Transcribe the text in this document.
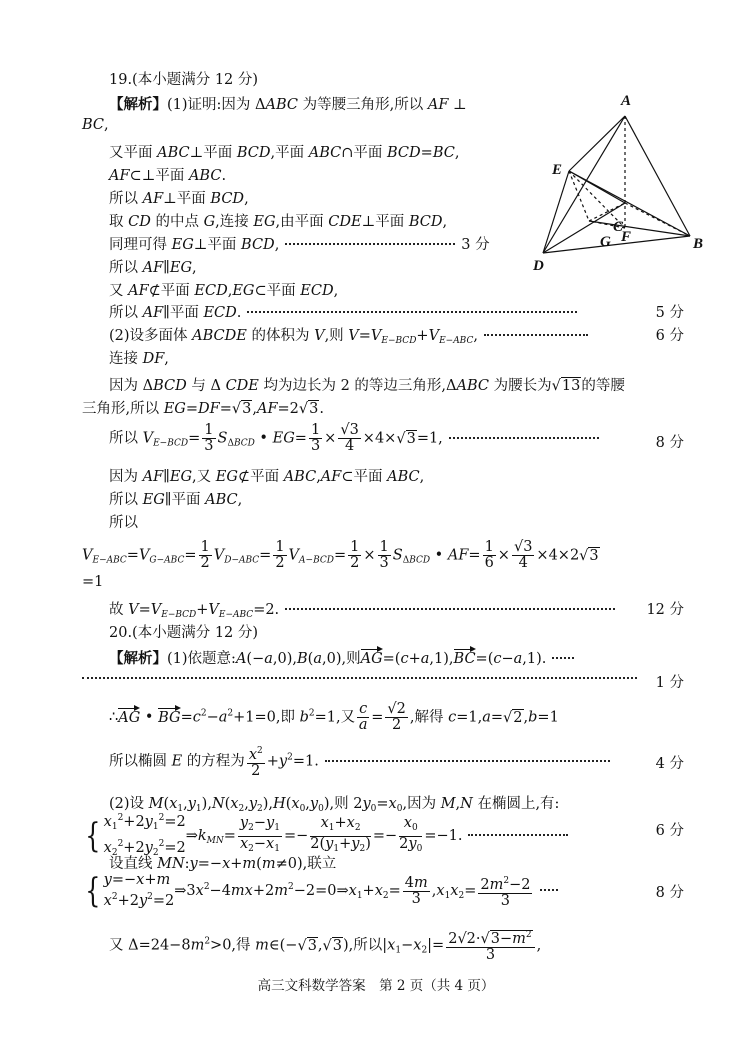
19.(本小题满分 12 分)
【解析】(1)证明:因为 ΔABC 为等腰三角形,所以 AF ⊥
BC,
又平面 ABC⊥平面 BCD,平面 ABC∩平面 BCD=BC,
AF⊂⊥平面 ABC.
所以 AF⊥平面 BCD,
取 CD 的中点 G,连接 EG,由平面 CDE⊥平面 BCD,
同理可得 EG⊥平面 BCD,	3 分
所以 AF∥EG,
又 AF⊄平面 ECD,EG⊂平面 ECD,
所以 AF∥平面 ECD.	5 分
(2)设多面体 ABCDE 的体积为 V,则 $V=V_{E-BCD}+V_{E-ABC}$,	6 分
连接 DF,
因为 ΔBCD 与 Δ CDE 均为边长为 2 的等边三角形,ΔABC 为腰长为√13的等腰
三角形,所以 EG=DF=√3,AF=2√3.
所以 $V_{E-BCD}= \frac{1}{3} S_{\Delta BCD}$ • $EG= \frac{1}{3} \times \frac{√3}{4} \times 4\times√3=1$,	8 分
因为 AF∥EG,又 EG⊄平面 ABC,AF⊂平面 ABC,
所以 EG∥平面 ABC,
所以
$V_{E-ABC}=V_{G-ABC}= \frac{1}{2} V_{D-ABC}= \frac{1}{2} V_{A-BCD}= \frac{1}{2} \times \frac{1}{3} S_{\Delta BCD}$ • $AF= \frac{1}{6} \times \frac{√3}{4} \times 4\times 2√3$
=1
故 $V=V_{E-BCD}+V_{E-ABC}=2$.	12 分
20.(本小题满分 12 分)
【解析】(1)依题意:A(−a,0),B(a,0),则AG=(c+a,1),BC=(c−a,1).
1 分
∴AG • $BG=c^2-a^2+1=0$,即 $b^2=1$,又 $\frac{c}{a} = \frac{√2}{2}$ ,解得 c=1,a=√2,b=1
所以椭圆 E 的方程为 $\frac{x^2}{2} +y^2=1$.	4 分
(2)设 $M(x_1,y_1),N(x_2,y_2),H(x_0,y_0)$,则 $2y_0=x_0$,因为 M,N 在椭圆上,有:
{ $x_1^2+2y_1^2=2$
$x_2^2+2y_2^2=2$
$\Rightarrow k_{MN}= \frac{y_2-y_1}{x_2-x_1} =- \frac{x_1+x_2}{2(y_1+y_2)} =- \frac{x_0}{2y_0} =-1$.	6 分
设直线 MN:y=−x+m(m≠0),联立
{ y=−x+m
$x^2+2y^2=2$
$\Rightarrow 3x^2-4mx+2m^2-2=0\Rightarrow x_1+x_2= \frac{4m}{3} ,x_1x_2= \frac{2m^2-2}{3}$	8 分
又 $\Delta=24-8m^2>0$,得 m∈(−√3,√3),所以$|x_1-x_2|= \frac{2√2\cdot√3-m^2}{3}$ ,
A
E
C
G F	B
D
高三文科数学答案　第 2 页（共 4 页）
